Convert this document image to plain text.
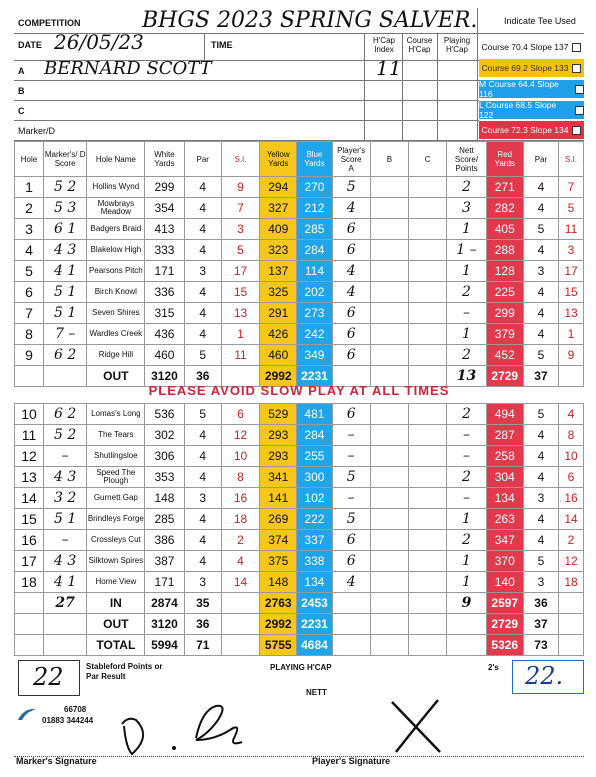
COMPETITION	BHGS 2023 SPRING SALVER.	Indicate Tee Used
DATE 26/05/23	TIME	H'Cap Index
Course H'Cap
Playing H'Cap
A BERNARD SCOTT	11
B
C
Marker/D
Course 70.4 Slope 137
Course 69.2 Slope 133
M Course 64.4 Slope 116
L Course 68.5 Slope 122
Course 72.3 Slope 134
Hole	Marker's/ D Score	Hole Name	White Yards	Par	S.I.	Yellow Yards	Blue Yards	Player's Score
A	B	C	Nett Score/ Points	Red Yards	Par	S.I.
1	5 2	Hollins Wynd	299	4	9	294	270	5			2	271	4	7
2	5 3	Mowbrays Meadow	354	4	7	327	212	4			3	282	4	5
3	6 1	Badgers Braid	413	4	3	409	285	6			1	405	5	11
4	4 3	Blakelow High	333	4	5	323	284	6			1 –	288	4	3
5	4 1	Pearsons Pitch	171	3	17	137	114	4			1	128	3	17
6	5 1	Birch Knowl	336	4	15	325	202	4			2	225	4	15
7	5 1	Seven Shires	315	4	13	291	273	6			–	299	4	13
8	7 –	Wardles Creek	436	4	1	426	242	6			1	379	4	1
9	6 2	Ridge Hill	460	5	11	460	349	6			2	452	5	9
		OUT	3120	36		2992	2231				13	2729	37	
PLEASE AVOID SLOW PLAY AT ALL TIMES
10	6 2	Lomas's Long	536	5	6	529	481	6			2	494	5	4
11	5 2	The Tears	302	4	12	293	284	–			–	287	4	8
12	–	Shutlingsloe	306	4	10	293	255	–			–	258	4	10
13	4 3	Speed The Plough	353	4	8	341	300	5			2	304	4	6
14	3 2	Gurnett Gap	148	3	16	141	102	–			–	134	3	16
15	5 1	Brindleys Forge	285	4	18	269	222	5			1	263	4	14
16	–	Crossleys Cut	386	4	2	374	337	6			2	347	4	2
17	4 3	Silktown Spires	387	4	4	375	338	6			1	370	5	12
18	4 1	Home View	171	3	14	148	134	4			1	140	3	18
	27	IN	2874	35		2763	2453				9	2597	36	
		OUT	3120	36		2992	2231					2729	37	
		TOTAL	5994	71		5755	4684					5326	73	
22	Stableford Points or Par Result
PLAYING H'CAP
NETT
2's 22.
66708
01883 344244
Marker's Signature	Player's Signature
